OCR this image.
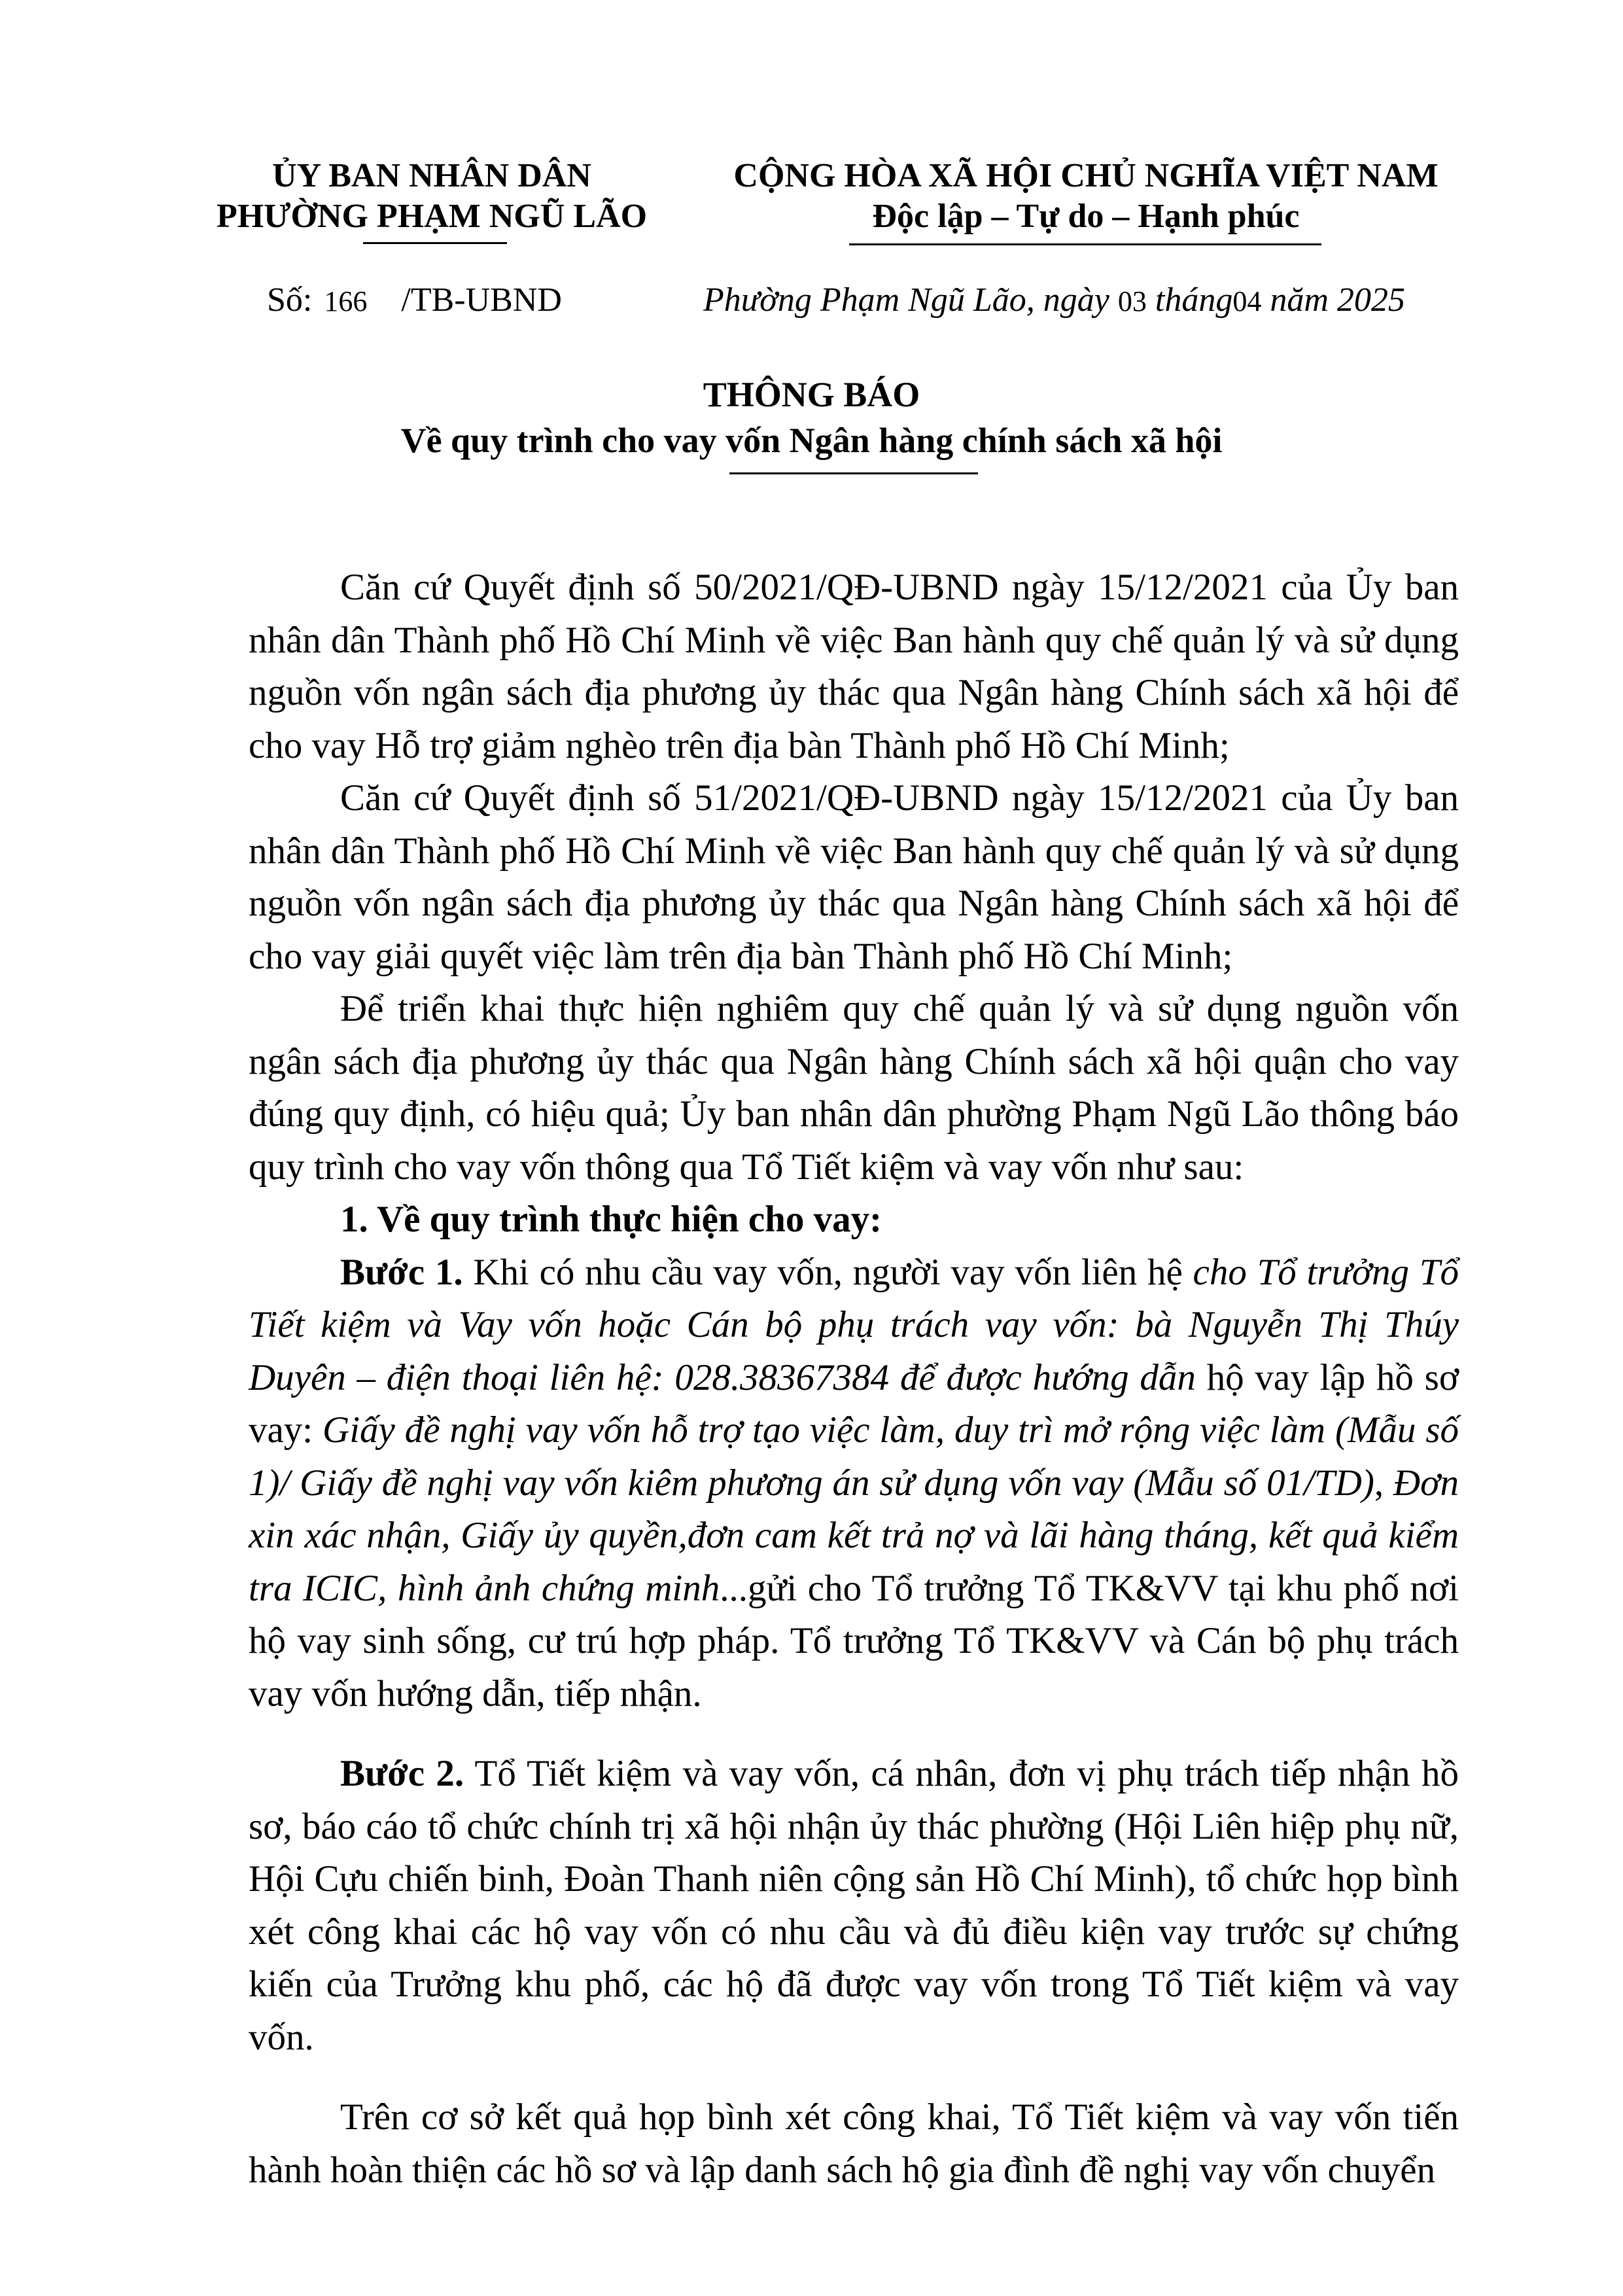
ỦY BAN NHÂN DÂN
PHƯỜNG PHẠM NGŨ LÃO
CỘNG HÒA XÃ HỘI CHỦ NGHĨA VIỆT NAM
Độc lập – Tự do – Hạnh phúc
Số: 166 /TB-UBND	Phường Phạm Ngũ Lão, ngày 03 tháng04 năm 2025
THÔNG BÁO
Về quy trình cho vay vốn Ngân hàng chính sách xã hội

Căn cứ Quyết định số 50/2021/QĐ-UBND ngày 15/12/2021 của Ủy ban nhân dân Thành phố Hồ Chí Minh về việc Ban hành quy chế quản lý và sử dụng nguồn vốn ngân sách địa phương ủy thác qua Ngân hàng Chính sách xã hội để cho vay Hỗ trợ giảm nghèo trên địa bàn Thành phố Hồ Chí Minh;

Căn cứ Quyết định số 51/2021/QĐ-UBND ngày 15/12/2021 của Ủy ban nhân dân Thành phố Hồ Chí Minh về việc Ban hành quy chế quản lý và sử dụng nguồn vốn ngân sách địa phương ủy thác qua Ngân hàng Chính sách xã hội để cho vay giải quyết việc làm trên địa bàn Thành phố Hồ Chí Minh;

Để triển khai thực hiện nghiêm quy chế quản lý và sử dụng nguồn vốn ngân sách địa phương ủy thác qua Ngân hàng Chính sách xã hội quận cho vay đúng quy định, có hiệu quả; Ủy ban nhân dân phường Phạm Ngũ Lão thông báo quy trình cho vay vốn thông qua Tổ Tiết kiệm và vay vốn như sau:

1. Về quy trình thực hiện cho vay:

Bước 1. Khi có nhu cầu vay vốn, người vay vốn liên hệ cho Tổ trưởng Tổ Tiết kiệm và Vay vốn hoặc Cán bộ phụ trách vay vốn: bà Nguyễn Thị Thúy Duyên – điện thoại liên hệ: 028.38367384 để được hướng dẫn hộ vay lập hồ sơ vay: Giấy đề nghị vay vốn hỗ trợ tạo việc làm, duy trì mở rộng việc làm (Mẫu số 1)/ Giấy đề nghị vay vốn kiêm phương án sử dụng vốn vay (Mẫu số 01/TD), Đơn xin xác nhận, Giấy ủy quyền,đơn cam kết trả nợ và lãi hàng tháng, kết quả kiểm tra ICIC, hình ảnh chứng minh...gửi cho Tổ trưởng Tổ TK&VV tại khu phố nơi hộ vay sinh sống, cư trú hợp pháp. Tổ trưởng Tổ TK&VV và Cán bộ phụ trách vay vốn hướng dẫn, tiếp nhận.

Bước 2. Tổ Tiết kiệm và vay vốn, cá nhân, đơn vị phụ trách tiếp nhận hồ sơ, báo cáo tổ chức chính trị xã hội nhận ủy thác phường (Hội Liên hiệp phụ nữ, Hội Cựu chiến binh, Đoàn Thanh niên cộng sản Hồ Chí Minh), tổ chức họp bình xét công khai các hộ vay vốn có nhu cầu và đủ điều kiện vay trước sự chứng kiến của Trưởng khu phố, các hộ đã được vay vốn trong Tổ Tiết kiệm và vay vốn.

Trên cơ sở kết quả họp bình xét công khai, Tổ Tiết kiệm và vay vốn tiến hành hoàn thiện các hồ sơ và lập danh sách hộ gia đình đề nghị vay vốn chuyển
